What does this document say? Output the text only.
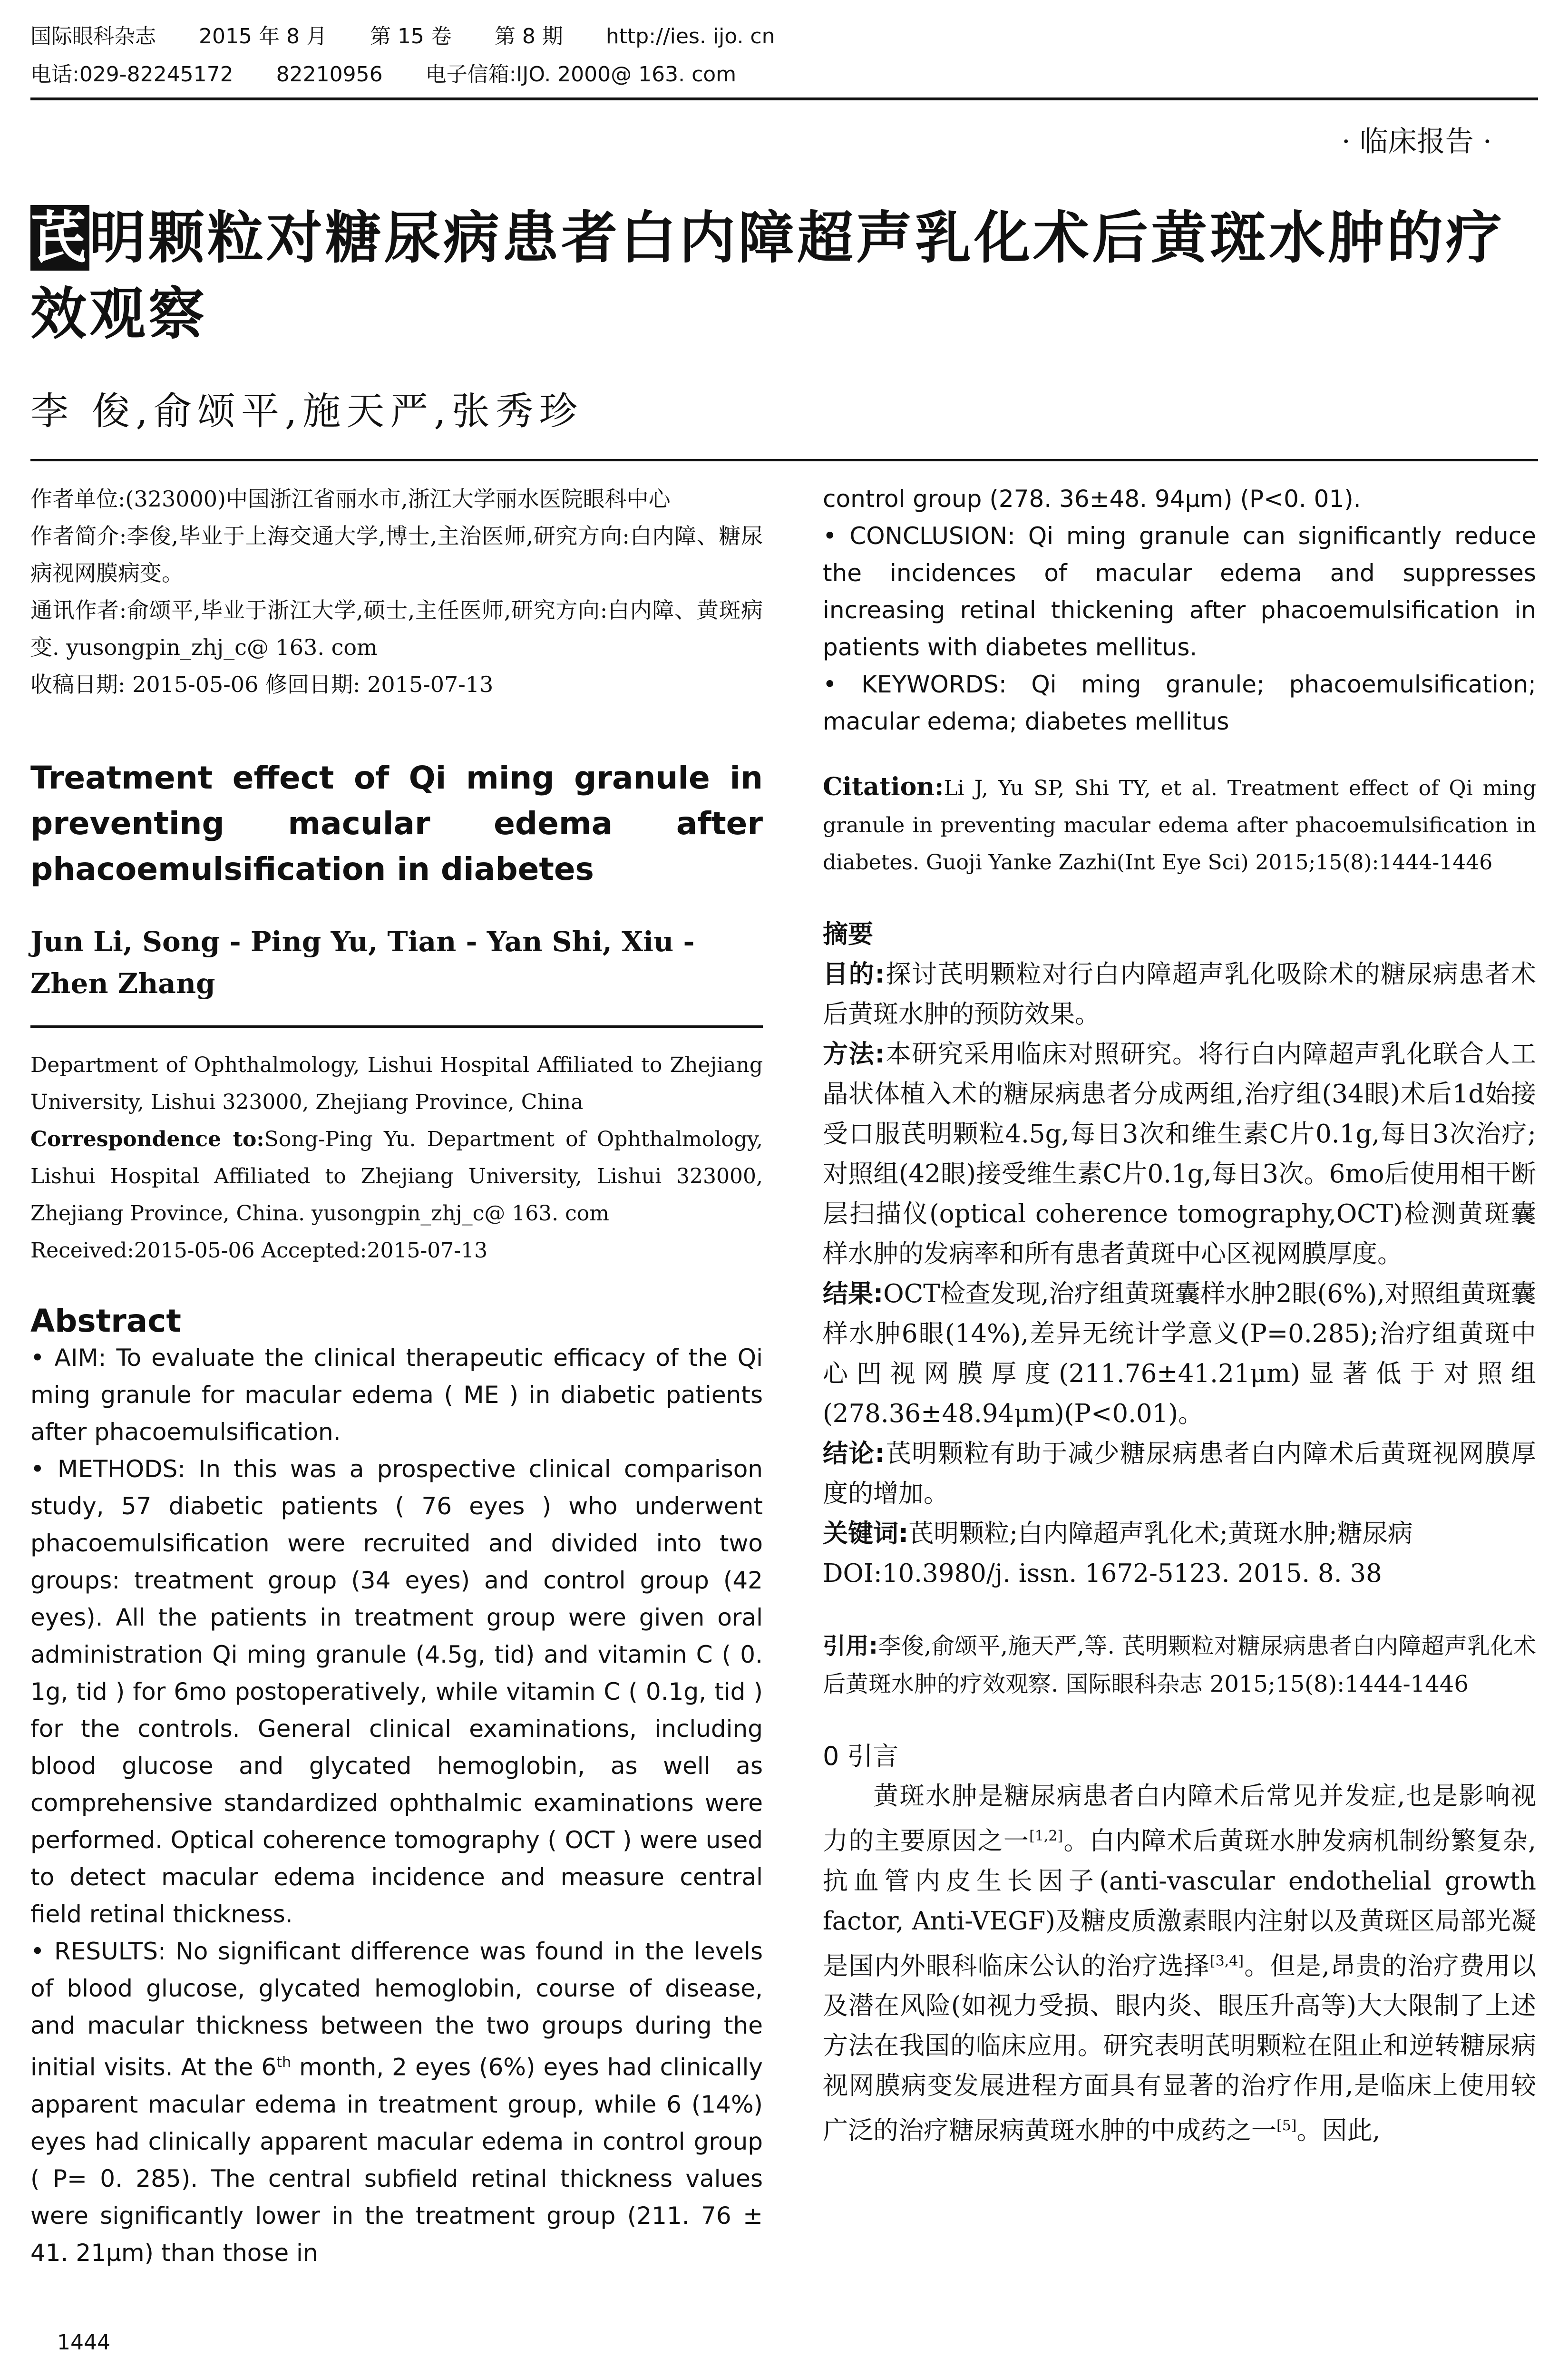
国际眼科杂志 2015 年 8 月 第 15 卷 第 8 期 http://ies. ijo. cn
电话:029-82245172 82210956 电子信箱:IJO. 2000@ 163. com
· 临床报告 ·
芪明颗粒对糖尿病患者白内障超声乳化术后黄斑水肿的疗效观察
李 俊,俞颂平,施天严,张秀珍

作者单位:(323000)中国浙江省丽水市,浙江大学丽水医院眼科中心

作者简介:李俊,毕业于上海交通大学,博士,主治医师,研究方向:白内障、糖尿病视网膜病变。

通讯作者:俞颂平,毕业于浙江大学,硕士,主任医师,研究方向:白内障、黄斑病变. yusongpin_zhj_c@ 163. com

收稿日期: 2015-05-06 修回日期: 2015-07-13

Treatment effect of Qi ming granule in preventing macular edema after phacoemulsification in diabetes

Jun Li, Song - Ping Yu, Tian - Yan Shi, Xiu - Zhen Zhang

Department of Ophthalmology, Lishui Hospital Affiliated to Zhejiang University, Lishui 323000, Zhejiang Province, China

Correspondence to:Song-Ping Yu. Department of Ophthalmology, Lishui Hospital Affiliated to Zhejiang University, Lishui 323000, Zhejiang Province, China. yusongpin_zhj_c@ 163. com

Received:2015-05-06 Accepted:2015-07-13

Abstract

• AIM: To evaluate the clinical therapeutic efficacy of the Qi ming granule for macular edema ( ME ) in diabetic patients after phacoemulsification.

• METHODS: In this was a prospective clinical comparison study, 57 diabetic patients ( 76 eyes ) who underwent phacoemulsification were recruited and divided into two groups: treatment group (34 eyes) and control group (42 eyes). All the patients in treatment group were given oral administration Qi ming granule (4.5g, tid) and vitamin C ( 0. 1g, tid ) for 6mo postoperatively, while vitamin C ( 0.1g, tid ) for the controls. General clinical examinations, including blood glucose and glycated hemoglobin, as well as comprehensive standardized ophthalmic examinations were performed. Optical coherence tomography ( OCT ) were used to detect macular edema incidence and measure central field retinal thickness.

• RESULTS: No significant difference was found in the levels of blood glucose, glycated hemoglobin, course of disease, and macular thickness between the two groups during the initial visits. At the 6th month, 2 eyes (6%) eyes had clinically apparent macular edema in treatment group, while 6 (14%) eyes had clinically apparent macular edema in control group ( P= 0. 285). The central subfield retinal thickness values were significantly lower in the treatment group (211. 76 ± 41. 21μm) than those in

control group (278. 36±48. 94μm) (P<0. 01).

• CONCLUSION: Qi ming granule can significantly reduce the incidences of macular edema and suppresses increasing retinal thickening after phacoemulsification in patients with diabetes mellitus.

• KEYWORDS: Qi ming granule; phacoemulsification; macular edema; diabetes mellitus

Citation:Li J, Yu SP, Shi TY, et al. Treatment effect of Qi ming granule in preventing macular edema after phacoemulsification in diabetes. Guoji Yanke Zazhi(Int Eye Sci) 2015;15(8):1444-1446

摘要

目的:探讨芪明颗粒对行白内障超声乳化吸除术的糖尿病患者术后黄斑水肿的预防效果。

方法:本研究采用临床对照研究。将行白内障超声乳化联合人工晶状体植入术的糖尿病患者分成两组,治疗组(34眼)术后1d始接受口服芪明颗粒4.5g,每日3次和维生素C片0.1g,每日3次治疗;对照组(42眼)接受维生素C片0.1g,每日3次。6mo后使用相干断层扫描仪(optical coherence tomography,OCT)检测黄斑囊样水肿的发病率和所有患者黄斑中心区视网膜厚度。

结果:OCT检查发现,治疗组黄斑囊样水肿2眼(6%),对照组黄斑囊样水肿6眼(14%),差异无统计学意义(P=0.285);治疗组黄斑中心凹视网膜厚度(211.76±41.21μm)显著低于对照组(278.36±48.94μm)(P<0.01)。

结论:芪明颗粒有助于减少糖尿病患者白内障术后黄斑视网膜厚度的增加。

关键词:芪明颗粒;白内障超声乳化术;黄斑水肿;糖尿病

DOI:10.3980/j. issn. 1672-5123. 2015. 8. 38

引用:李俊,俞颂平,施天严,等. 芪明颗粒对糖尿病患者白内障超声乳化术后黄斑水肿的疗效观察. 国际眼科杂志 2015;15(8):1444-1446

0 引言

黄斑水肿是糖尿病患者白内障术后常见并发症,也是影响视力的主要原因之一[1,2]。白内障术后黄斑水肿发病机制纷繁复杂,抗血管内皮生长因子(anti-vascular endothelial growth factor, Anti-VEGF)及糖皮质激素眼内注射以及黄斑区局部光凝是国内外眼科临床公认的治疗选择[3,4]。但是,昂贵的治疗费用以及潜在风险(如视力受损、眼内炎、眼压升高等)大大限制了上述方法在我国的临床应用。研究表明芪明颗粒在阻止和逆转糖尿病视网膜病变发展进程方面具有显著的治疗作用,是临床上使用较广泛的治疗糖尿病黄斑水肿的中成药之一[5]。因此,

1444
